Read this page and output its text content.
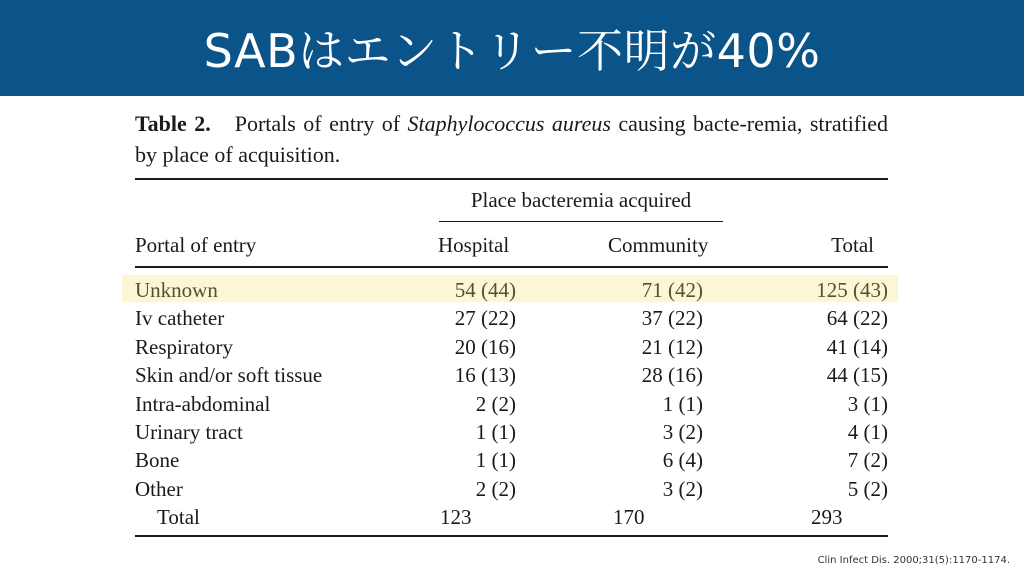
SABはエントリー不明が40%
Table 2. Portals of entry of Staphylococcus aureus causing bacte-remia, stratified by place of acquisition.
Place bacteremia acquired
Portal of entry	Hospital	Community	Total
Unknown	54 (44)	71 (42)	125 (43)
Iv catheter	27 (22)	37 (22)	64 (22)
Respiratory	20 (16)	21 (12)	41 (14)
Skin and/or soft tissue	16 (13)	28 (16)	44 (15)
Intra-abdominal	2 (2)	1 (1)	3 (1)
Urinary tract	1 (1)	3 (2)	4 (1)
Bone	1 (1)	6 (4)	7 (2)
Other	2 (2)	3 (2)	5 (2)
Total	123	170	293
Clin Infect Dis. 2000;31(5):1170-1174.
